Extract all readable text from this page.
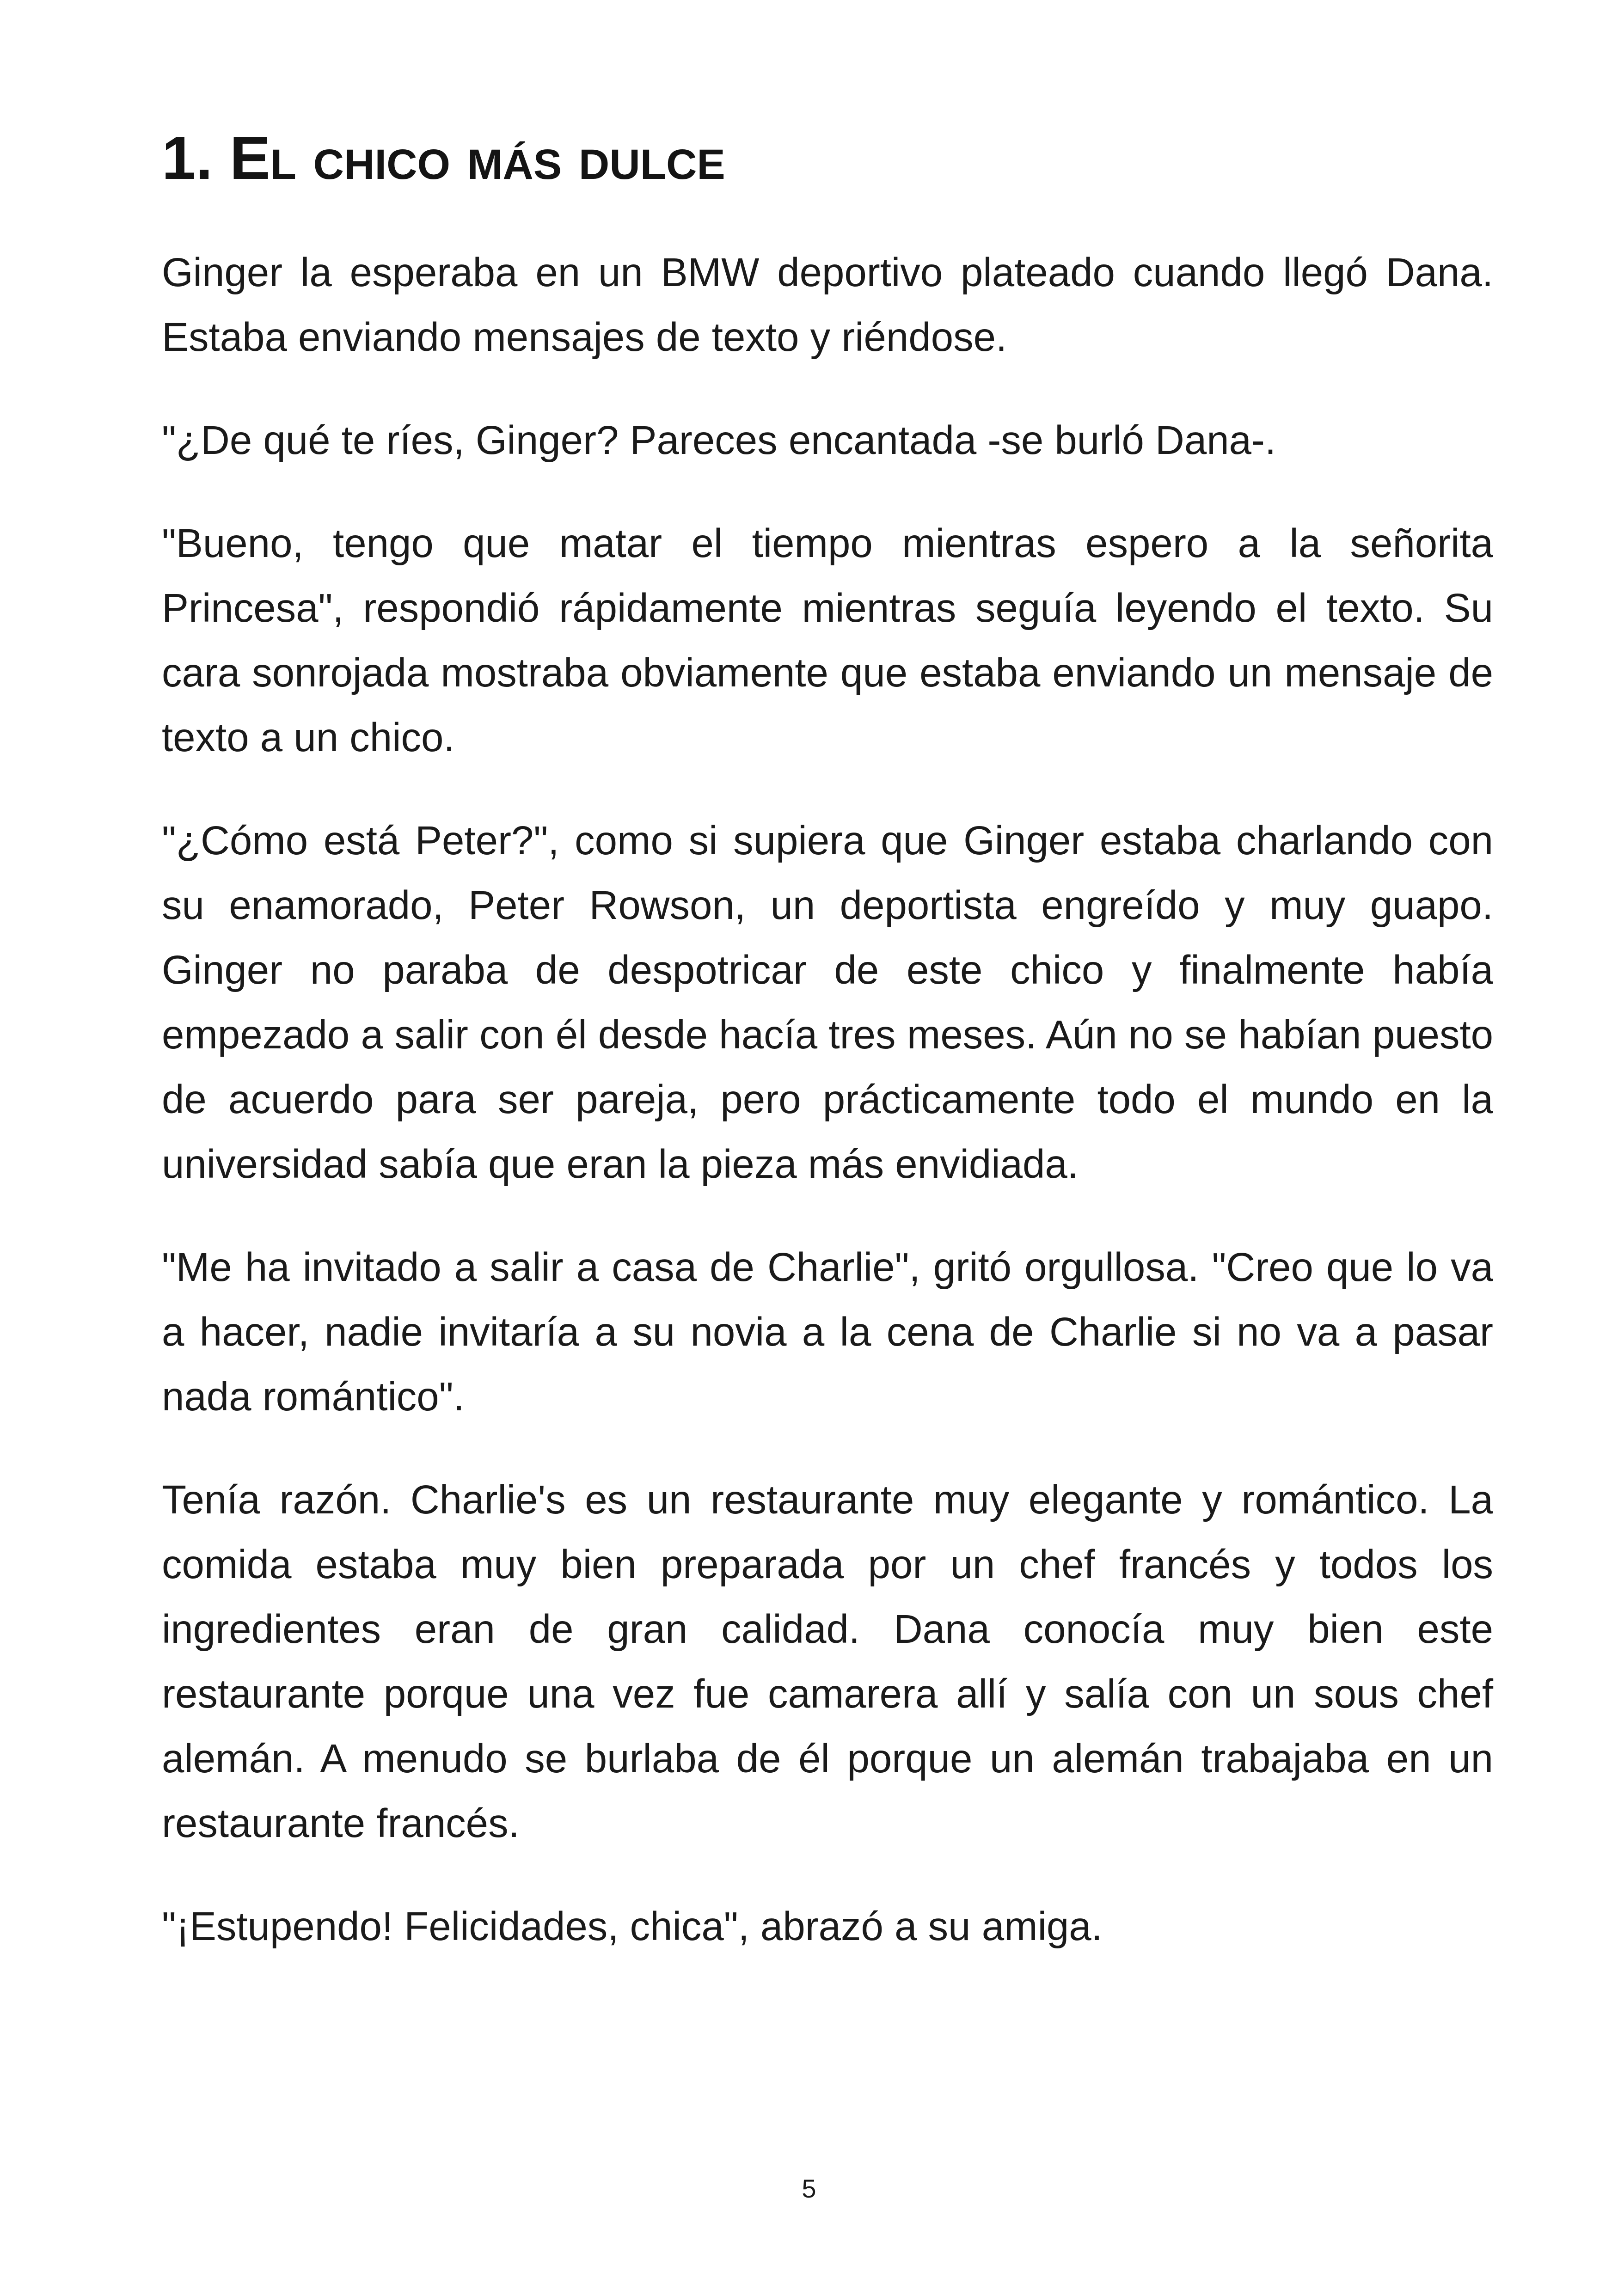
1. El chico más dulce

Ginger la esperaba en un BMW deportivo plateado cuando llegó Dana. Estaba enviando mensajes de texto y riéndose.

"¿De qué te ríes, Ginger? Pareces encantada -se burló Dana-.

"Bueno, tengo que matar el tiempo mientras espero a la señorita Princesa", respondió rápidamente mientras seguía leyendo el texto. Su cara sonrojada mostraba obviamente que estaba enviando un mensaje de texto a un chico.

"¿Cómo está Peter?", como si supiera que Ginger estaba charlando con su enamorado, Peter Rowson, un deportista engreído y muy guapo. Ginger no paraba de despotricar de este chico y finalmente había empezado a salir con él desde hacía tres meses. Aún no se habían puesto de acuerdo para ser pareja, pero prácticamente todo el mundo en la universidad sabía que eran la pieza más envidiada.

"Me ha invitado a salir a casa de Charlie", gritó orgullosa. "Creo que lo va a hacer, nadie invitaría a su novia a la cena de Charlie si no va a pasar nada romántico".

Tenía razón. Charlie's es un restaurante muy elegante y romántico. La comida estaba muy bien preparada por un chef francés y todos los ingredientes eran de gran calidad. Dana conocía muy bien este restaurante porque una vez fue camarera allí y salía con un sous chef alemán. A menudo se burlaba de él porque un alemán trabajaba en un restaurante francés.

"¡Estupendo! Felicidades, chica", abrazó a su amiga.

5
